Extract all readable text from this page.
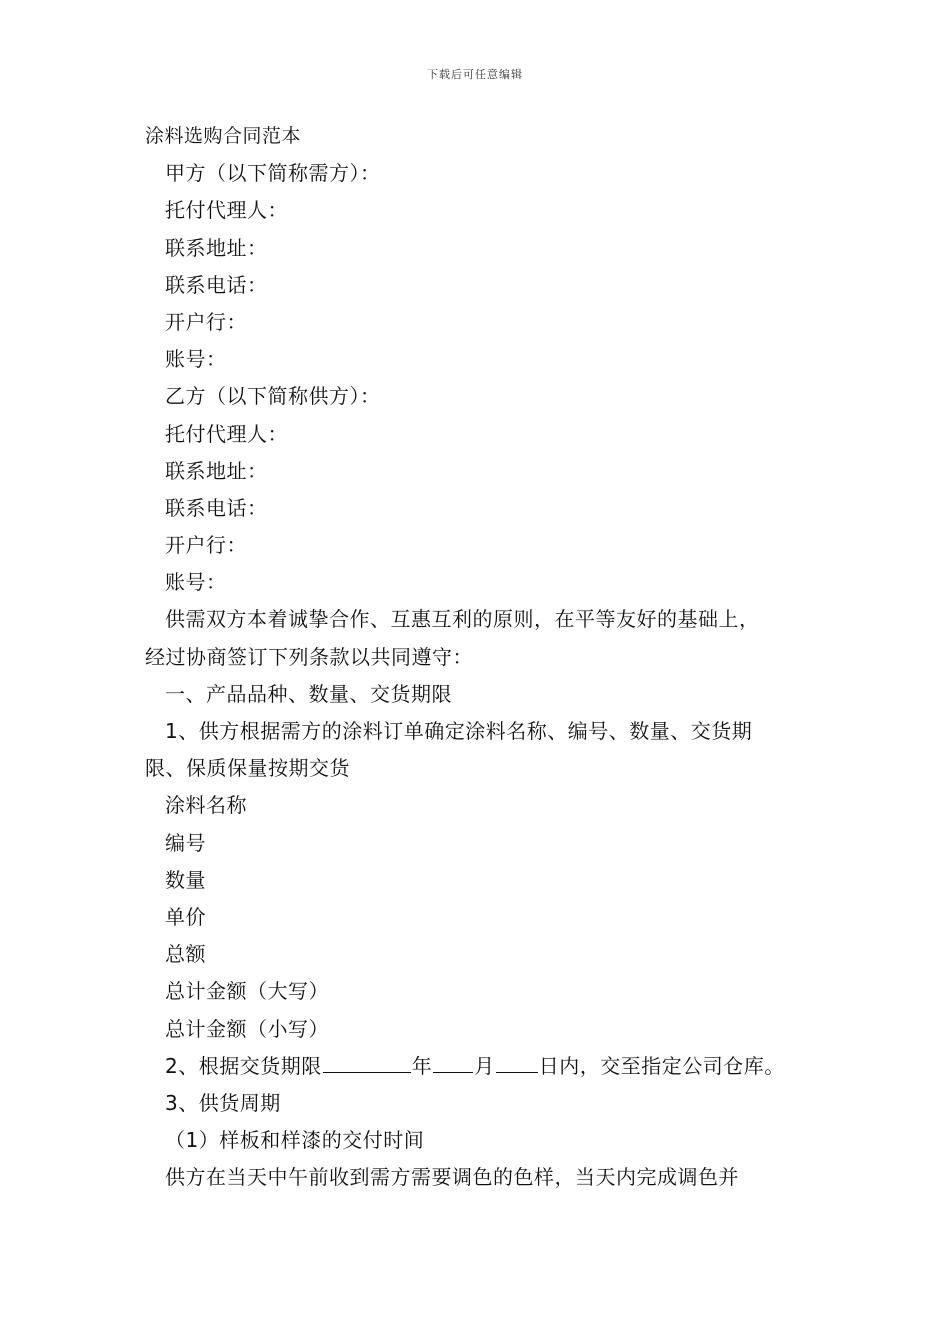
下载后可任意编辑
涂料选购合同范本
甲方（以下简称需方）：
托付代理人：
联系地址：
联系电话：
开户行：
账号：
乙方（以下简称供方）：
托付代理人：
联系地址：
联系电话：
开户行：
账号：
供需双方本着诚挚合作、互惠互利的原则，在平等友好的基础上，
经过协商签订下列条款以共同遵守：
一、产品品种、数量、交货期限
1、供方根据需方的涂料订单确定涂料名称、编号、数量、交货期
限、保质保量按期交货
涂料名称
编号
数量
单价
总额
总计金额（大写）
总计金额（小写）
2、根据交货期限	年 月 日内，交至指定公司仓库。
3、供货周期
（1）样板和样漆的交付时间
供方在当天中午前收到需方需要调色的色样，当天内完成调色并
